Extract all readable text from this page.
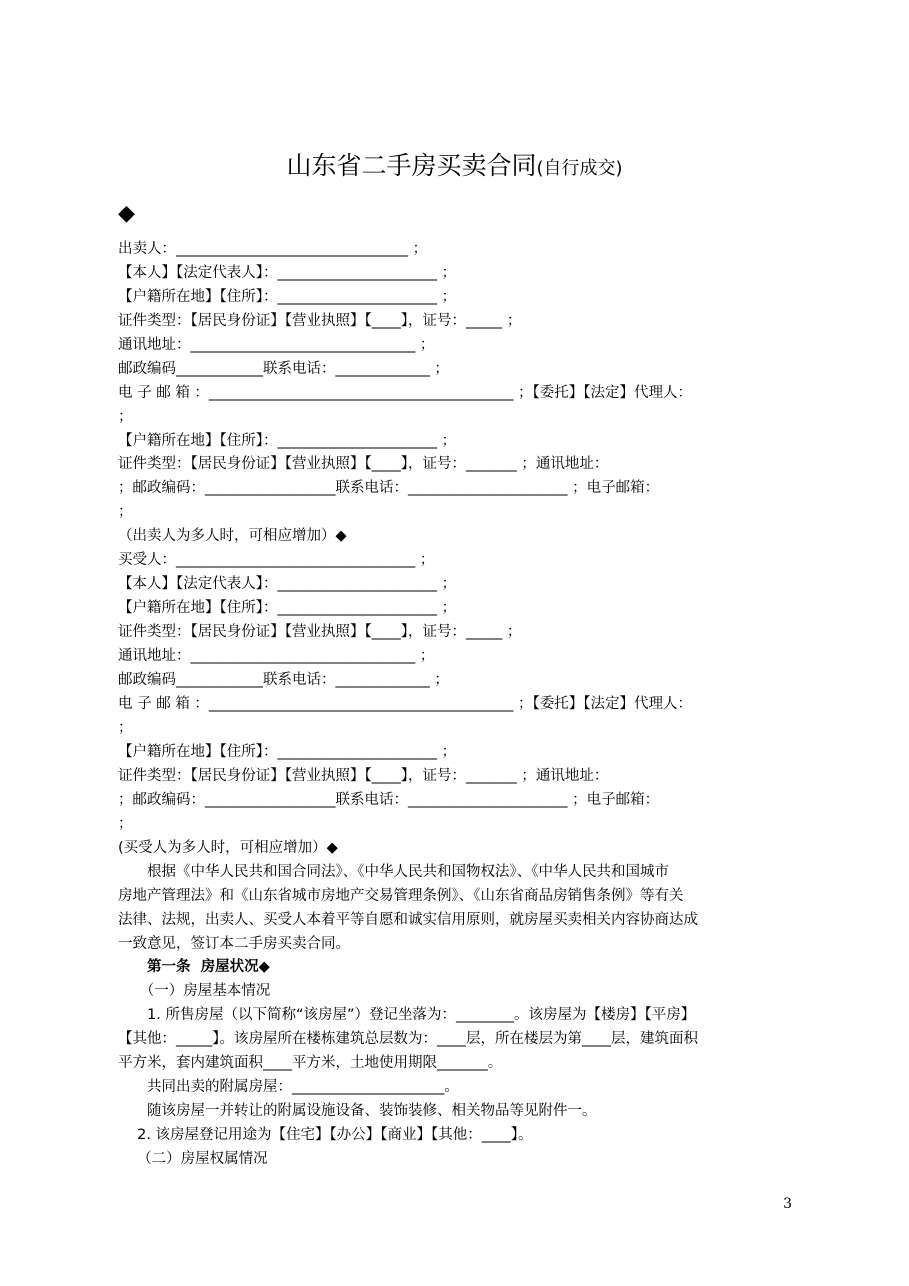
山东省二手房买卖合同(自行成交)
◆
出卖人：________________________________ ；
【本人】【法定代表人】：______________________ ；
【户籍所在地】【住所】：______________________ ；
证件类型：【居民身份证】【营业执照】【____】，证号：_____ ；
通讯地址：_______________________________ ；
邮政编码____________联系电话：_____________ ；
电 子 邮 箱 ：__________________________________________ ；【委托】【法定】代理人：
；
【户籍所在地】【住所】：______________________ ；
证件类型：【居民身份证】【营业执照】【____】，证号：_______ ；通讯地址：
；邮政编码：__________________联系电话：______________________ ；电子邮箱：
；
（出卖人为多人时，可相应增加）◆
买受人：_________________________________ ；
【本人】【法定代表人】：______________________ ；
【户籍所在地】【住所】：______________________ ；
证件类型：【居民身份证】【营业执照】【____】，证号：_____ ；
通讯地址：_______________________________ ；
邮政编码____________联系电话：_____________ ；
电 子 邮 箱 ：__________________________________________ ；【委托】【法定】代理人：
；
【户籍所在地】【住所】：______________________ ；
证件类型：【居民身份证】【营业执照】【____】，证号：_______ ；通讯地址：
；邮政编码：__________________联系电话：______________________ ；电子邮箱：
；
(买受人为多人时，可相应增加）◆
　　根据《中华人民共和国合同法》、《中华人民共和国物权法》、《中华人民共和国城市
房地产管理法》和《山东省城市房地产交易管理条例》、《山东省商品房销售条例》等有关
法律、法规，出卖人、买受人本着平等自愿和诚实信用原则，就房屋买卖相关内容协商达成
一致意见，签订本二手房买卖合同。
　　第一条  房屋状况◆
　　（一）房屋基本情况
　　1. 所售房屋（以下简称“该房屋”）登记坐落为：________。该房屋为【楼房】【平房】
【其他：_____】。该房屋所在楼栋建筑总层数为：____层，所在楼层为第____层，建筑面积
平方米，套内建筑面积____平方米，土地使用期限_______。
　　共同出卖的附属房屋：_____________________。
　　随该房屋一并转让的附属设施设备、装饰装修、相关物品等见附件一。
　 2. 该房屋登记用途为【住宅】【办公】【商业】【其他：____】。
　 （二）房屋权属情况
3
